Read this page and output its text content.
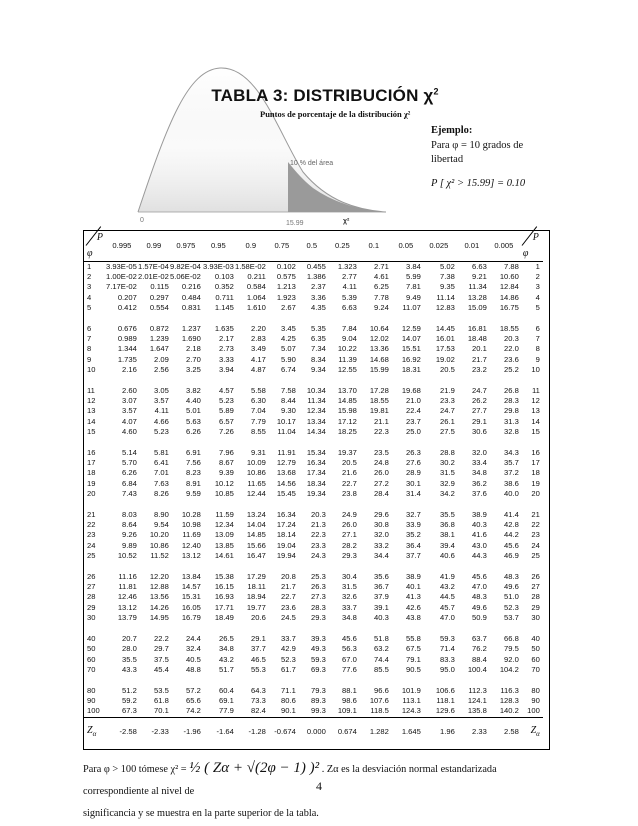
10 % del área
0	15.99	χ²
TABLA 3: DISTRIBUCIÓN $\chi^2$
Puntos de porcentaje de la distribución χ²
Ejemplo:
Para φ = 10 grados de
libertad
P [ χ² > 15.99] = 0.10
P
φ	0.995	0.99	0.975	0.95	0.9	0.75	0.5	0.25	0.1	0.05	0.025	0.01	0.005	P
φ

1	3.93E-05	1.57E-04	9.82E-04	3.93E-03	1.58E-02	0.102	0.455	1.323	2.71	3.84	5.02	6.63	7.88	1
2	1.00E-02	2.01E-02	5.06E-02	0.103	0.211	0.575	1.386	2.77	4.61	5.99	7.38	9.21	10.60	2
3	7.17E-02	0.115	0.216	0.352	0.584	1.213	2.37	4.11	6.25	7.81	9.35	11.34	12.84	3
4	0.207	0.297	0.484	0.711	1.064	1.923	3.36	5.39	7.78	9.49	11.14	13.28	14.86	4
5	0.412	0.554	0.831	1.145	1.610	2.67	4.35	6.63	9.24	11.07	12.83	15.09	16.75	5

6	0.676	0.872	1.237	1.635	2.20	3.45	5.35	7.84	10.64	12.59	14.45	16.81	18.55	6
7	0.989	1.239	1.690	2.17	2.83	4.25	6.35	9.04	12.02	14.07	16.01	18.48	20.3	7
8	1.344	1.647	2.18	2.73	3.49	5.07	7.34	10.22	13.36	15.51	17.53	20.1	22.0	8
9	1.735	2.09	2.70	3.33	4.17	5.90	8.34	11.39	14.68	16.92	19.02	21.7	23.6	9
10	2.16	2.56	3.25	3.94	4.87	6.74	9.34	12.55	15.99	18.31	20.5	23.2	25.2	10

11	2.60	3.05	3.82	4.57	5.58	7.58	10.34	13.70	17.28	19.68	21.9	24.7	26.8	11
12	3.07	3.57	4.40	5.23	6.30	8.44	11.34	14.85	18.55	21.0	23.3	26.2	28.3	12
13	3.57	4.11	5.01	5.89	7.04	9.30	12.34	15.98	19.81	22.4	24.7	27.7	29.8	13
14	4.07	4.66	5.63	6.57	7.79	10.17	13.34	17.12	21.1	23.7	26.1	29.1	31.3	14
15	4.60	5.23	6.26	7.26	8.55	11.04	14.34	18.25	22.3	25.0	27.5	30.6	32.8	15

16	5.14	5.81	6.91	7.96	9.31	11.91	15.34	19.37	23.5	26.3	28.8	32.0	34.3	16
17	5.70	6.41	7.56	8.67	10.09	12.79	16.34	20.5	24.8	27.6	30.2	33.4	35.7	17
18	6.26	7.01	8.23	9.39	10.86	13.68	17.34	21.6	26.0	28.9	31.5	34.8	37.2	18
19	6.84	7.63	8.91	10.12	11.65	14.56	18.34	22.7	27.2	30.1	32.9	36.2	38.6	19
20	7.43	8.26	9.59	10.85	12.44	15.45	19.34	23.8	28.4	31.4	34.2	37.6	40.0	20

21	8.03	8.90	10.28	11.59	13.24	16.34	20.3	24.9	29.6	32.7	35.5	38.9	41.4	21
22	8.64	9.54	10.98	12.34	14.04	17.24	21.3	26.0	30.8	33.9	36.8	40.3	42.8	22
23	9.26	10.20	11.69	13.09	14.85	18.14	22.3	27.1	32.0	35.2	38.1	41.6	44.2	23
24	9.89	10.86	12.40	13.85	15.66	19.04	23.3	28.2	33.2	36.4	39.4	43.0	45.6	24
25	10.52	11.52	13.12	14.61	16.47	19.94	24.3	29.3	34.4	37.7	40.6	44.3	46.9	25

26	11.16	12.20	13.84	15.38	17.29	20.8	25.3	30.4	35.6	38.9	41.9	45.6	48.3	26
27	11.81	12.88	14.57	16.15	18.11	21.7	26.3	31.5	36.7	40.1	43.2	47.0	49.6	27
28	12.46	13.56	15.31	16.93	18.94	22.7	27.3	32.6	37.9	41.3	44.5	48.3	51.0	28
29	13.12	14.26	16.05	17.71	19.77	23.6	28.3	33.7	39.1	42.6	45.7	49.6	52.3	29
30	13.79	14.95	16.79	18.49	20.6	24.5	29.3	34.8	40.3	43.8	47.0	50.9	53.7	30

40	20.7	22.2	24.4	26.5	29.1	33.7	39.3	45.6	51.8	55.8	59.3	63.7	66.8	40
50	28.0	29.7	32.4	34.8	37.7	42.9	49.3	56.3	63.2	67.5	71.4	76.2	79.5	50
60	35.5	37.5	40.5	43.2	46.5	52.3	59.3	67.0	74.4	79.1	83.3	88.4	92.0	60
70	43.3	45.4	48.8	51.7	55.3	61.7	69.3	77.6	85.5	90.5	95.0	100.4	104.2	70

80	51.2	53.5	57.2	60.4	64.3	71.1	79.3	88.1	96.6	101.9	106.6	112.3	116.3	80
90	59.2	61.8	65.6	69.1	73.3	80.6	89.3	98.6	107.6	113.1	118.1	124.1	128.3	90
100	67.3	70.1	74.2	77.9	82.4	90.1	99.3	109.1	118.5	124.3	129.6	135.8	140.2	100
$Z_\alpha$	-2.58	-2.33	-1.96	-1.64	-1.28	-0.674	0.000	0.674	1.282	1.645	1.96	2.33	2.58	$Z_\alpha$
Para φ > 100 tómese χ² = ½ ( Zα + √(2φ − 1) )² . Zα es la desviación normal estandarizada correspondiente al nivel de
significancia y se muestra en la parte superior de la tabla.
4
